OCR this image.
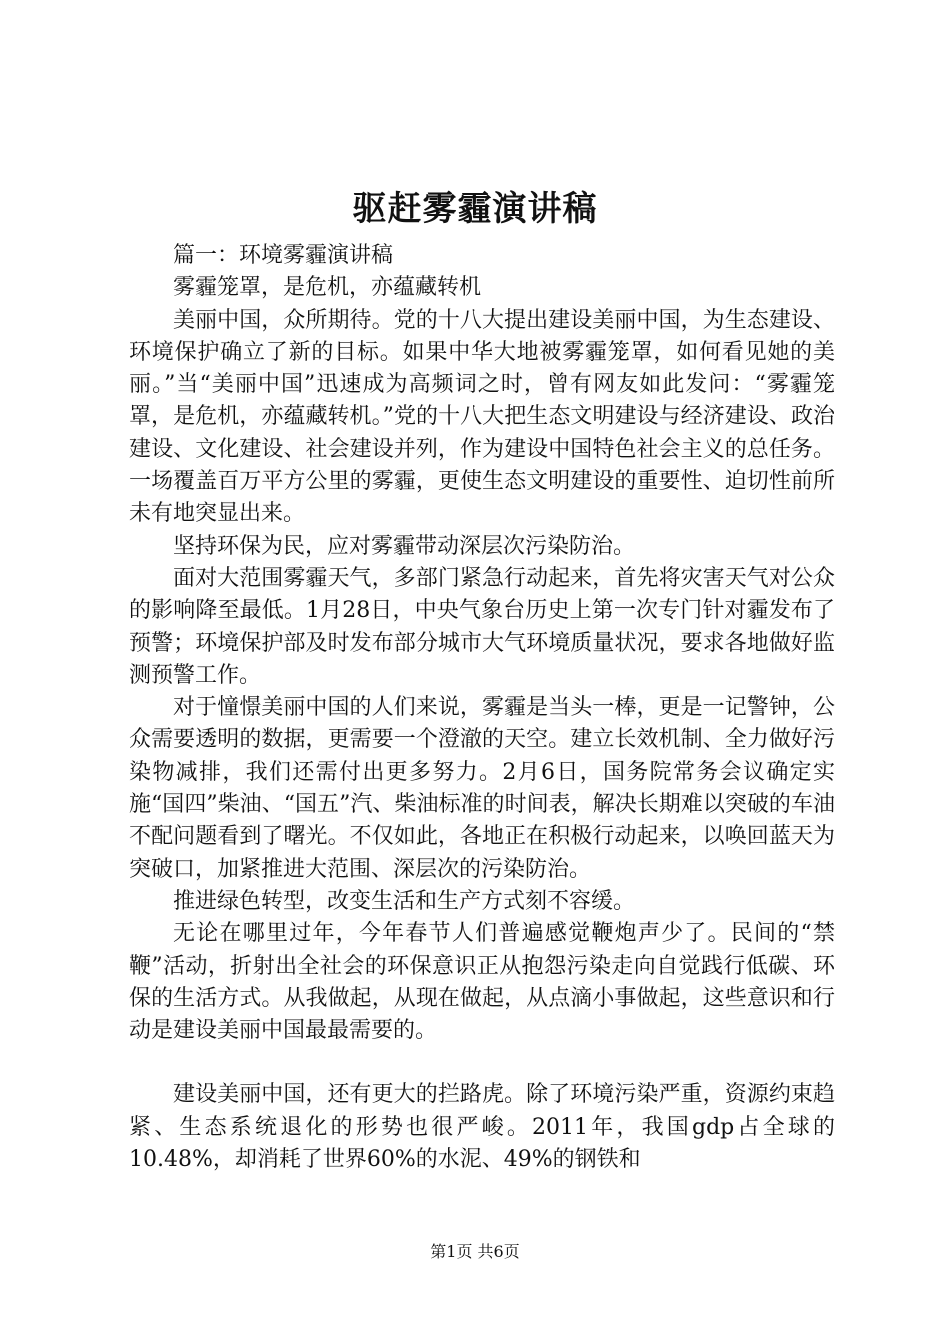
驱赶雾霾演讲稿

篇一：环境雾霾演讲稿

雾霾笼罩，是危机，亦蕴藏转机

美丽中国，众所期待。党的十八大提出建设美丽中国，为生态建设、环境保护确立了新的目标。如果中华大地被雾霾笼罩，如何看见她的美丽。”当“美丽中国”迅速成为高频词之时，曾有网友如此发问：“雾霾笼罩，是危机，亦蕴藏转机。”党的十八大把生态文明建设与经济建设、政治建设、文化建设、社会建设并列，作为建设中国特色社会主义的总任务。一场覆盖百万平方公里的雾霾，更使生态文明建设的重要性、迫切性前所未有地突显出来。

坚持环保为民，应对雾霾带动深层次污染防治。

面对大范围雾霾天气，多部门紧急行动起来，首先将灾害天气对公众的影响降至最低。1月28日，中央气象台历史上第一次专门针对霾发布了预警；环境保护部及时发布部分城市大气环境质量状况，要求各地做好监测预警工作。

对于憧憬美丽中国的人们来说，雾霾是当头一棒，更是一记警钟，公众需要透明的数据，更需要一个澄澈的天空。建立长效机制、全力做好污染物减排，我们还需付出更多努力。2月6日，国务院常务会议确定实施“国四”柴油、“国五”汽、柴油标准的时间表，解决长期难以突破的车油不配问题看到了曙光。不仅如此，各地正在积极行动起来，以唤回蓝天为突破口，加紧推进大范围、深层次的污染防治。

推进绿色转型，改变生活和生产方式刻不容缓。

无论在哪里过年，今年春节人们普遍感觉鞭炮声少了。民间的“禁鞭”活动，折射出全社会的环保意识正从抱怨污染走向自觉践行低碳、环保的生活方式。从我做起，从现在做起，从点滴小事做起，这些意识和行动是建设美丽中国最最需要的。

建设美丽中国，还有更大的拦路虎。除了环境污染严重，资源约束趋紧、生态系统退化的形势也很严峻。2011年，我国gdp占全球的10.48%，却消耗了世界60%的水泥、49%的钢铁和

第1页 共6页
